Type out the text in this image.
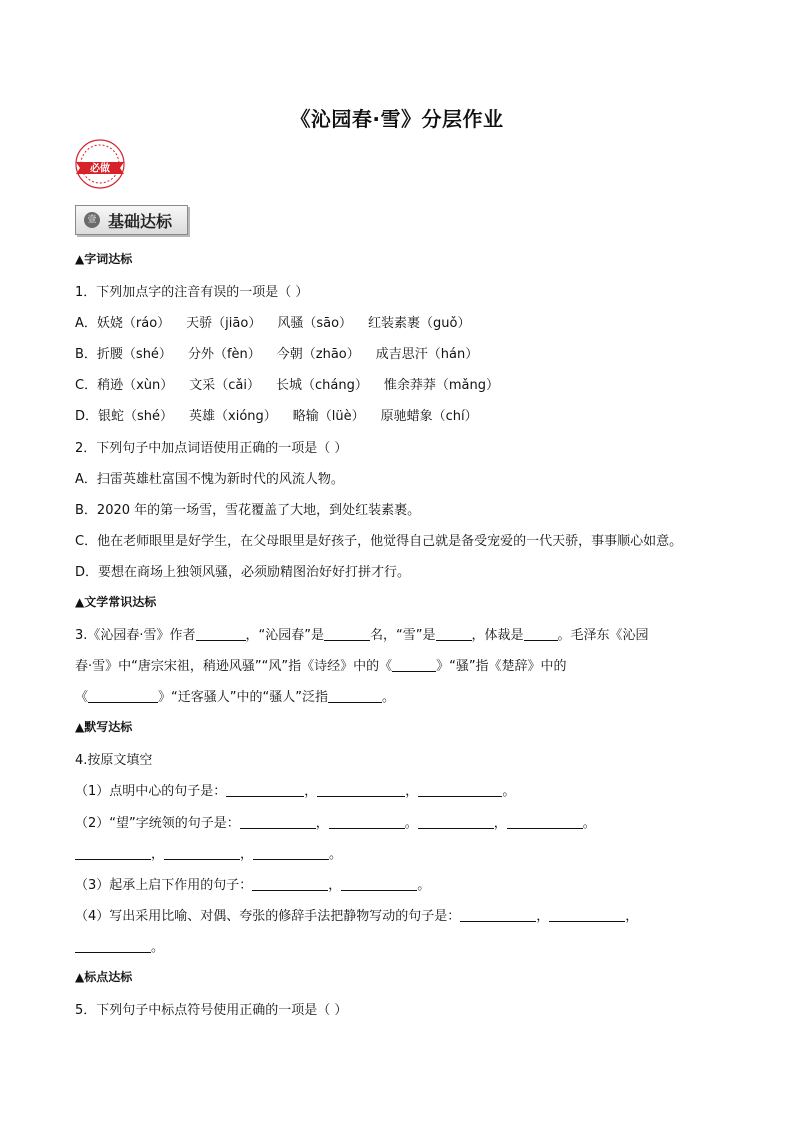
《沁园春·雪》分层作业
必做
壹 基础达标
▲字词达标
1．下列加点字的注音有误的一项是（ ）
A．妖娆（ráo） 天骄（jiāo） 风骚（sāo） 红装素裹（guǒ）
B．折腰（shé） 分外（fèn） 今朝（zhāo） 成吉思汗（hán）
C．稍逊（xùn） 文采（cǎi） 长城（cháng） 惟余莽莽（mǎng）
D．银蛇（shé） 英雄（xióng） 略输（lüè） 原驰蜡象（chí）
2．下列句子中加点词语使用正确的一项是（ ）
A．扫雷英雄杜富国不愧为新时代的风流人物。
B．2020 年的第一场雪，雪花覆盖了大地，到处红装素裹。
C．他在老师眼里是好学生，在父母眼里是好孩子，他觉得自己就是备受宠爱的一代天骄，事事顺心如意。
D．要想在商场上独领风骚，必须励精图治好好打拼才行。
▲文学常识达标
3.《沁园春·雪》作者	，“沁园春”是	名，“雪”是	，体裁是	。毛泽东《沁园
春·雪》中“唐宗宋祖，稍逊风骚”“风”指《诗经》中的《	》“骚”指《楚辞》中的
《	》“迁客骚人”中的“骚人”泛指	。
▲默写达标
4.按原文填空
（1）点明中心的句子是：	，	，	。
（2）“望”字统领的句子是：	，	。	，	。
，	，	。
（3）起承上启下作用的句子：	，	。
（4）写出采用比喻、对偶、夸张的修辞手法把静物写动的句子是：	，	，
。
▲标点达标
5．下列句子中标点符号使用正确的一项是（ ）
